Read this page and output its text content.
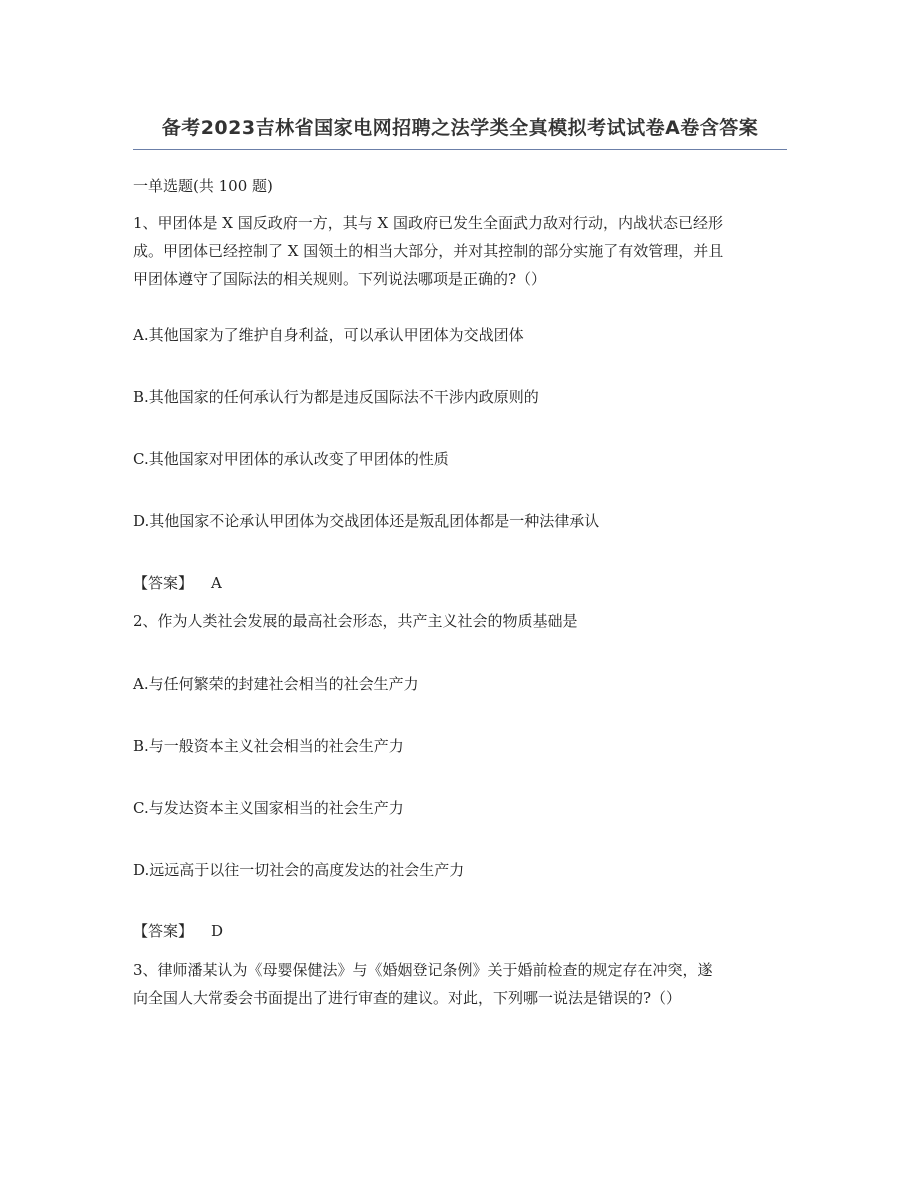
备考2023吉林省国家电网招聘之法学类全真模拟考试试卷A卷含答案
一单选题(共 100 题)
1、甲团体是 X 国反政府一方，其与 X 国政府已发生全面武力敌对行动，内战状态已经形
成。甲团体已经控制了 X 国领土的相当大部分，并对其控制的部分实施了有效管理，并且
甲团体遵守了国际法的相关规则。下列说法哪项是正确的?（）
A.其他国家为了维护自身利益，可以承认甲团体为交战团体
B.其他国家的任何承认行为都是违反国际法不干涉内政原则的
C.其他国家对甲团体的承认改变了甲团体的性质
D.其他国家不论承认甲团体为交战团体还是叛乱团体都是一种法律承认
【答案】 A
2、作为人类社会发展的最高社会形态，共产主义社会的物质基础是
A.与任何繁荣的封建社会相当的社会生产力
B.与一般资本主义社会相当的社会生产力
C.与发达资本主义国家相当的社会生产力
D.远远高于以往一切社会的高度发达的社会生产力
【答案】 D
3、律师潘某认为《母婴保健法》与《婚姻登记条例》关于婚前检查的规定存在冲突，遂
向全国人大常委会书面提出了进行审查的建议。对此，下列哪一说法是错误的?（）
